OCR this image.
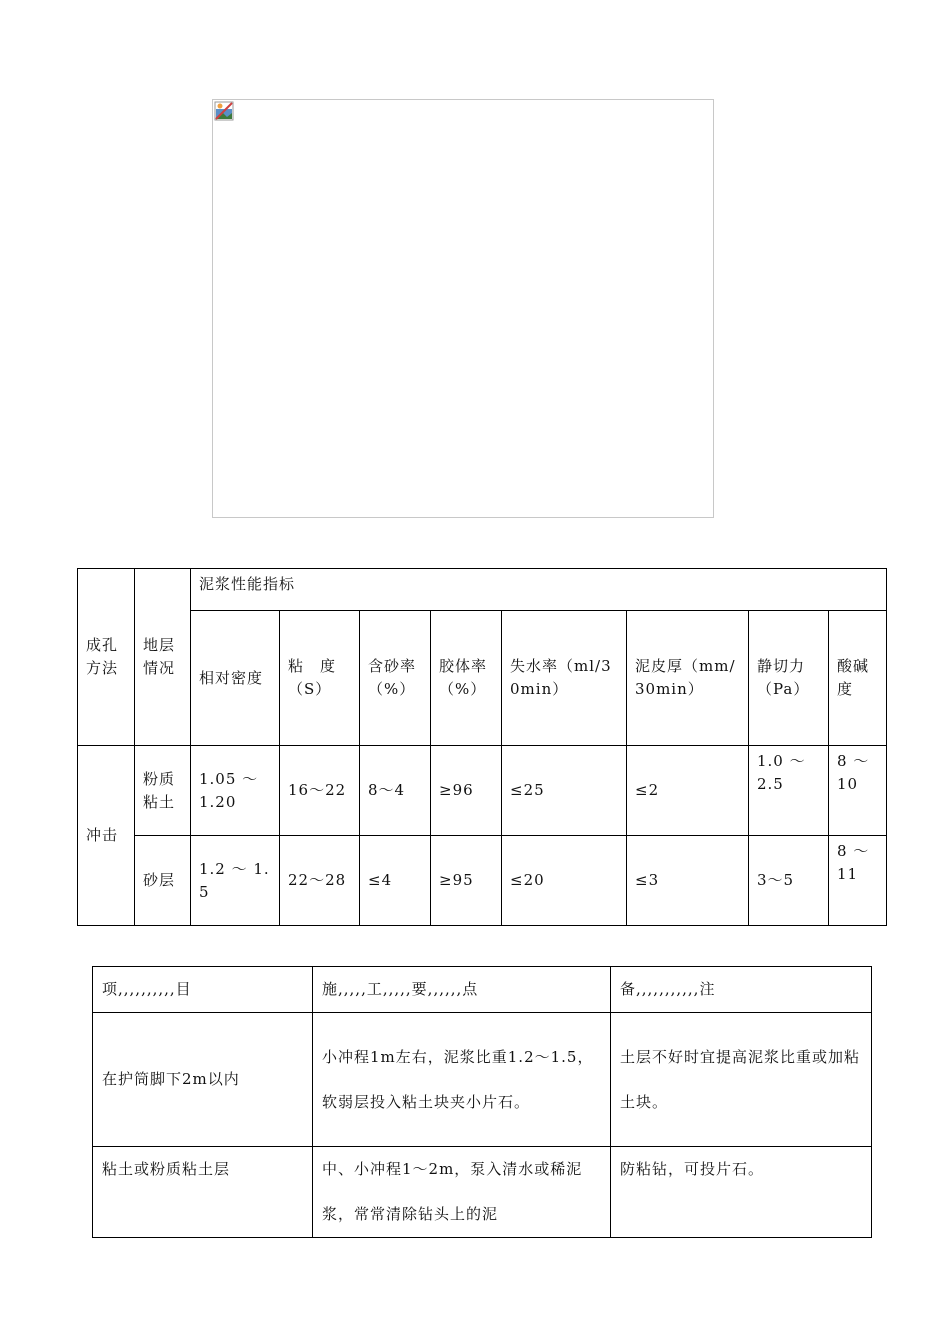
成孔方法	地层情况	泥浆性能指标							
		相对密度	粘　度（S）	含砂率（%）	胶体率（%）	失水率（ml/30min）	泥皮厚（mm/30min）	静切力（Pa）	酸碱度
冲击	粉质粘土	1.05 ～ 1.20	16～22	8～4	≥96	≤25	≤2	1.0 ～ 2.5	8 ～ 10
	砂层	1.2 ～ 1.5	22～28	≤4	≥95	≤20	≤3	3～5	8 ～ 11
项,,,,,,,,,,目	施,,,,,工,,,,,要,,,,,,点	备,,,,,,,,,,,注
在护筒脚下2m以内	小冲程1m左右，泥浆比重1.2～1.5，软弱层投入粘土块夹小片石。	土层不好时宜提高泥浆比重或加粘土块。
粘土或粉质粘土层	中、小冲程1～2m，泵入清水或稀泥浆，常常清除钻头上的泥	防粘钻，可投片石。
